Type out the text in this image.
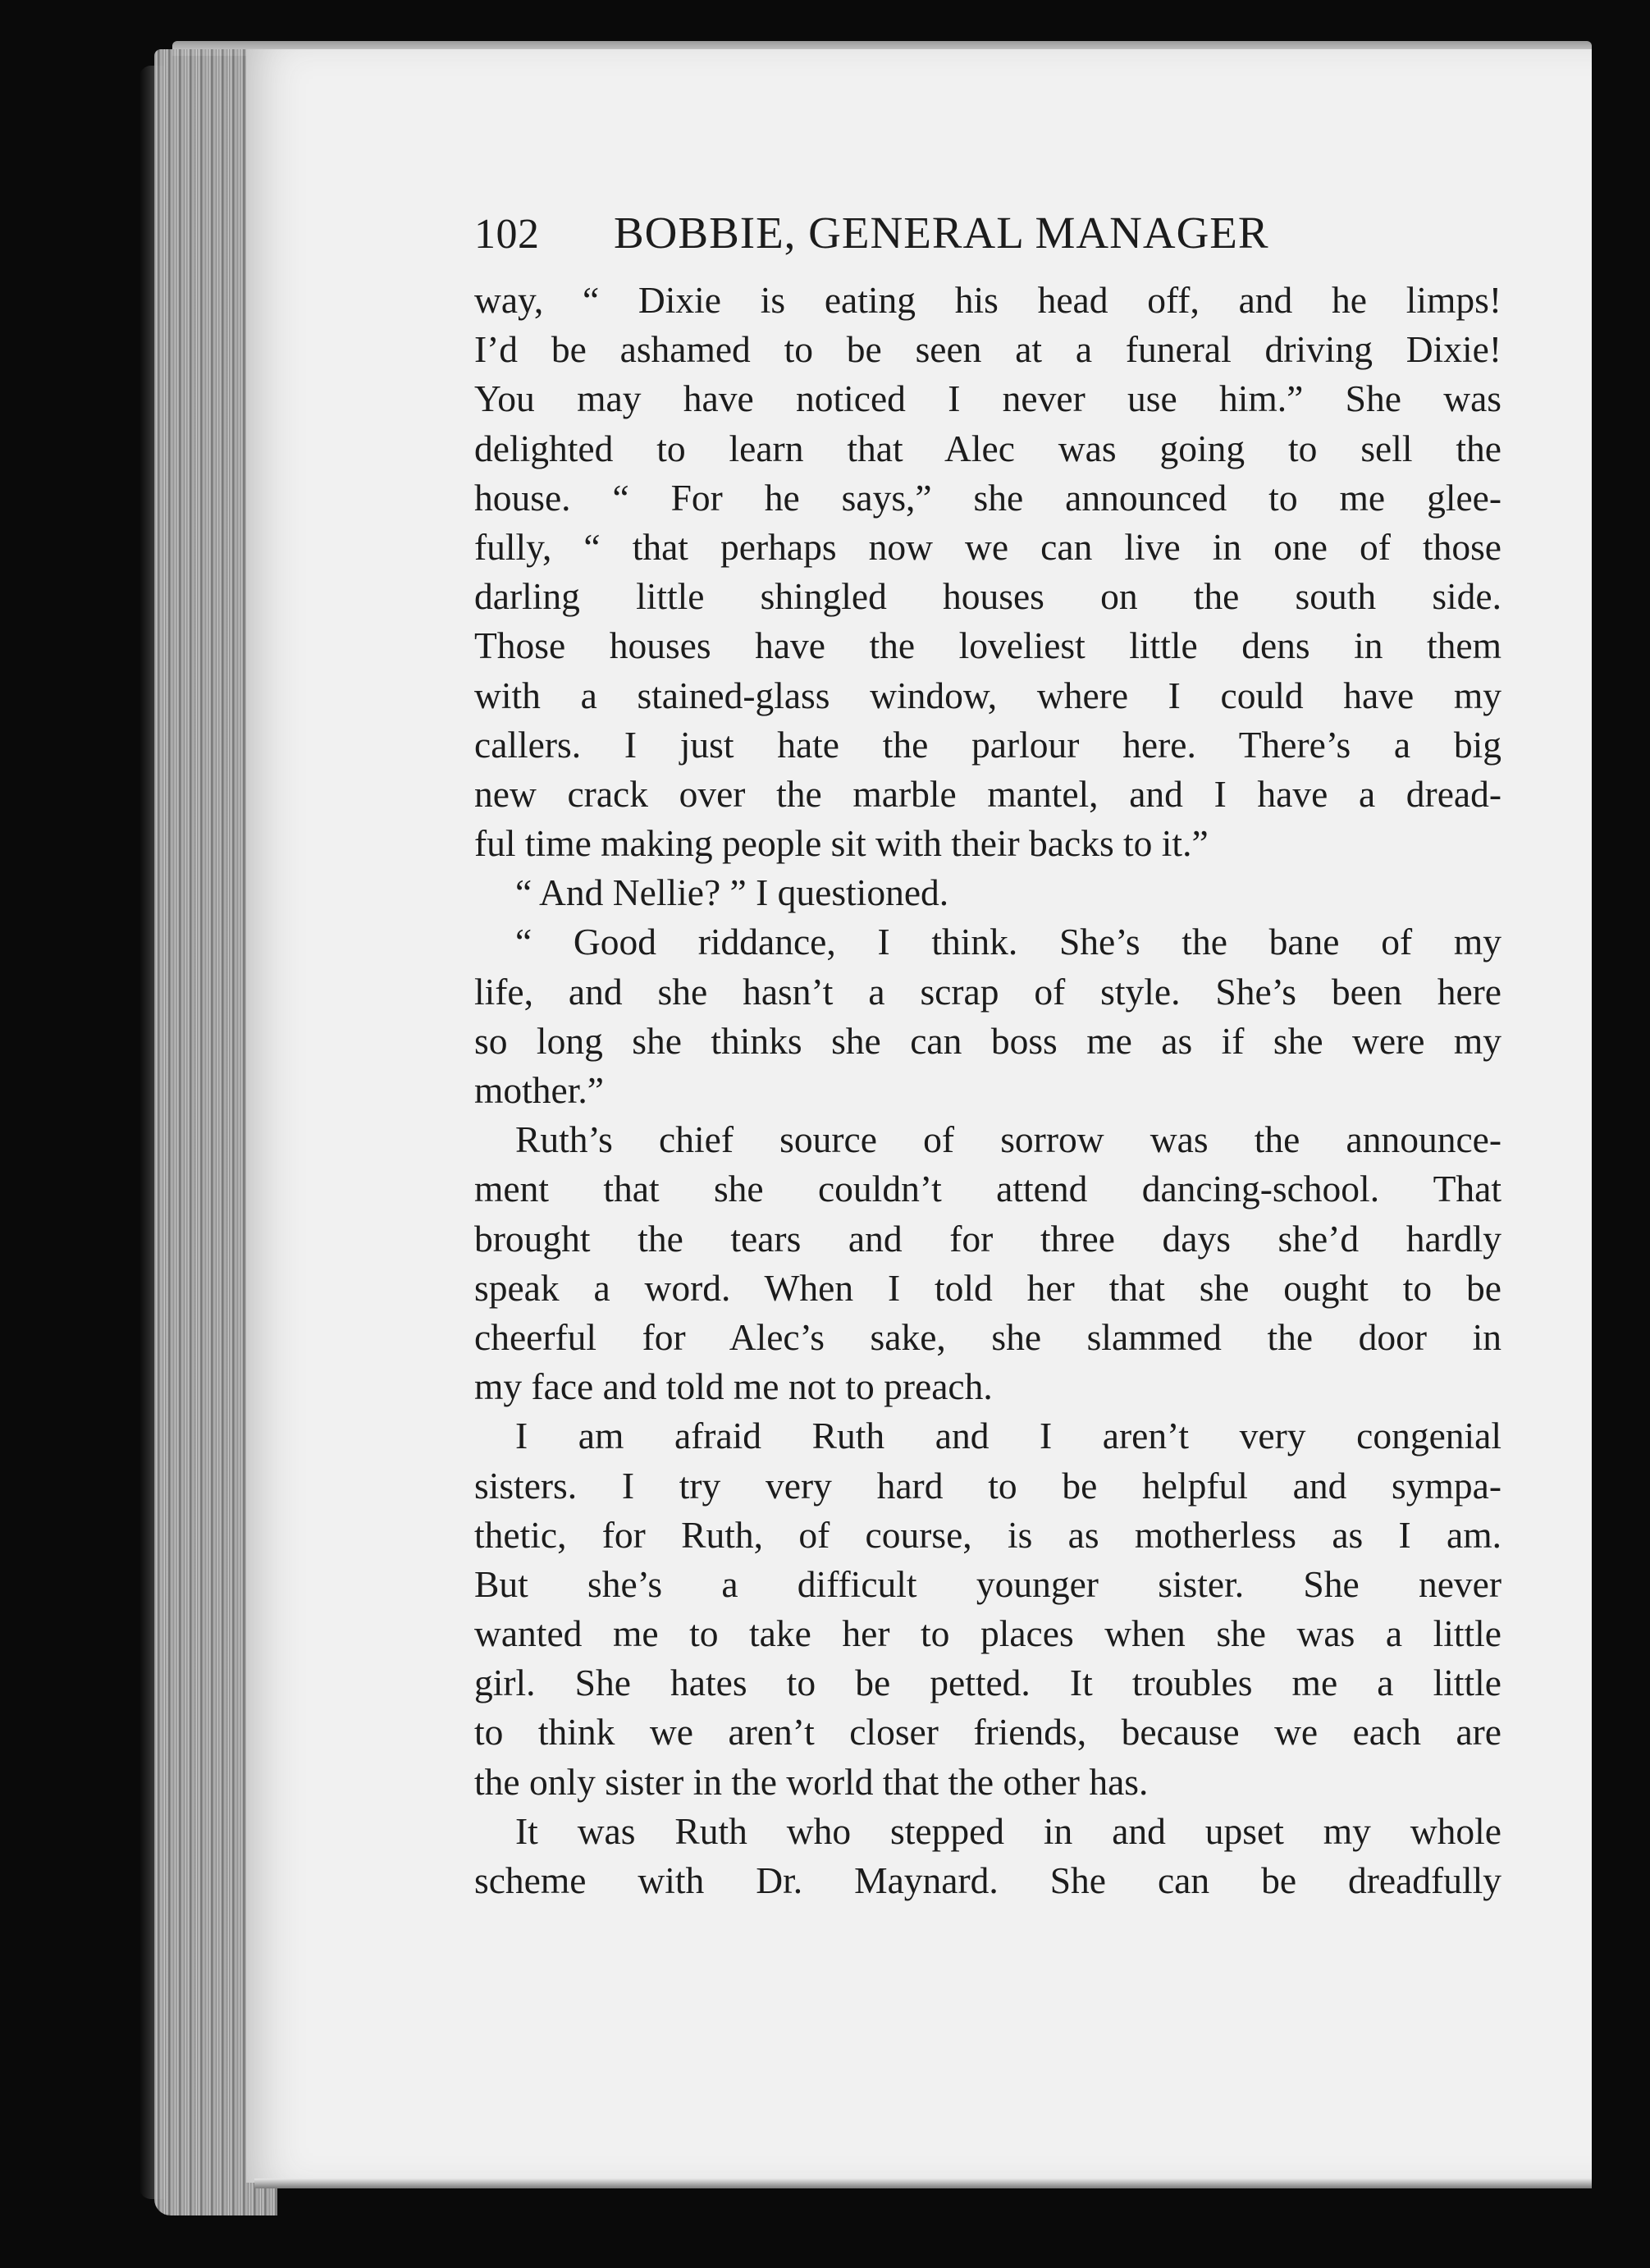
102	BOBBIE, GENERAL MANAGER
way, “ Dixie is eating his head off, and he limps!
I’d be ashamed to be seen at a funeral driving Dixie!
You may have noticed I never use him.” She was
delighted to learn that Alec was going to sell the
house. “ For he says,” she announced to me glee-
fully, “ that perhaps now we can live in one of those
darling little shingled houses on the south side.
Those houses have the loveliest little dens in them
with a stained-glass window, where I could have my
callers. I just hate the parlour here. There’s a big
new crack over the marble mantel, and I have a dread-
ful time making people sit with their backs to it.”
“ And Nellie? ” I questioned.
“ Good riddance, I think. She’s the bane of my
life, and she hasn’t a scrap of style. She’s been here
so long she thinks she can boss me as if she were my
mother.”
Ruth’s chief source of sorrow was the announce-
ment that she couldn’t attend dancing-school. That
brought the tears and for three days she’d hardly
speak a word. When I told her that she ought to be
cheerful for Alec’s sake, she slammed the door in
my face and told me not to preach.
I am afraid Ruth and I aren’t very congenial
sisters. I try very hard to be helpful and sympa-
thetic, for Ruth, of course, is as motherless as I am.
But she’s a difficult younger sister. She never
wanted me to take her to places when she was a little
girl. She hates to be petted. It troubles me a little
to think we aren’t closer friends, because we each are
the only sister in the world that the other has.
It was Ruth who stepped in and upset my whole
scheme with Dr. Maynard. She can be dreadfully
